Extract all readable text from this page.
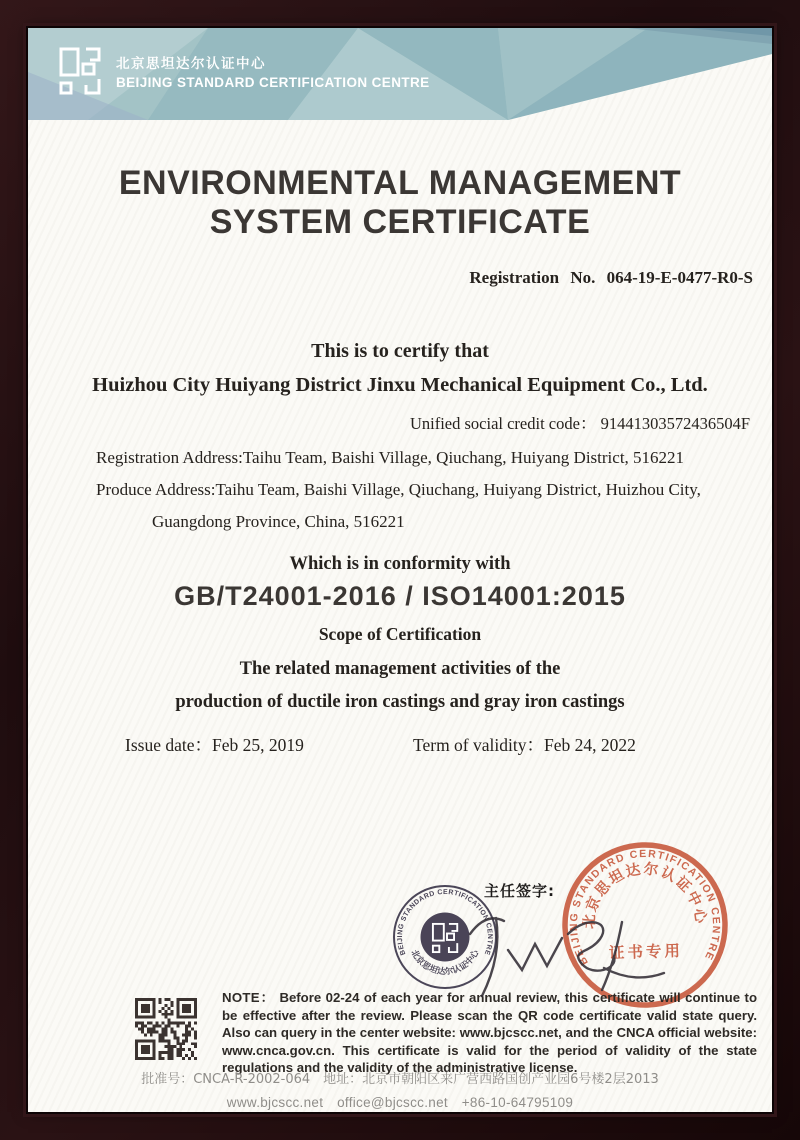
北京思坦达尔认证中心
BEIJING STANDARD CERTIFICATION CENTRE
ENVIRONMENTAL MANAGEMENT
SYSTEM CERTIFICATE
Registration No. 064-19-E-0477-R0-S
This is to certify that
Huizhou City Huiyang District Jinxu Mechanical Equipment Co., Ltd.
Unified social credit code： 91441303572436504F
Registration Address:Taihu Team, Baishi Village, Qiuchang, Huiyang District, 516221
Produce Address:Taihu Team, Baishi Village, Qiuchang, Huiyang District, Huizhou City,
Guangdong Province, China, 516221
Which is in conformity with
GB/T24001-2016 / ISO14001:2015
Scope of Certification
The related management activities of the
production of ductile iron castings and gray iron castings
Issue date：Feb 25, 2019	Term of validity：Feb 24, 2022
BEIJING STANDARD CERTIFICATION CENTRE
北京思坦达尔认证中心
主任签字:
BEIJING STANDARD CERTIFICATION CENTRE
北京思坦达尔认证中心
证书专用
NOTE： Before 02-24 of each year for annual review, this certificate will continue to be effective after the review. Please scan the QR code certificate valid state query. Also can query in the center website: www.bjcscc.net, and the CNCA official website: www.cnca.gov.cn. This certificate is valid for the period of validity of the state regulations and the validity of the administrative license.
批准号：CNCA-R-2002-064　地址：北京市朝阳区来广营西路国创产业园6号楼2层2013
www.bjcscc.net　office@bjcscc.net　+86-10-64795109
